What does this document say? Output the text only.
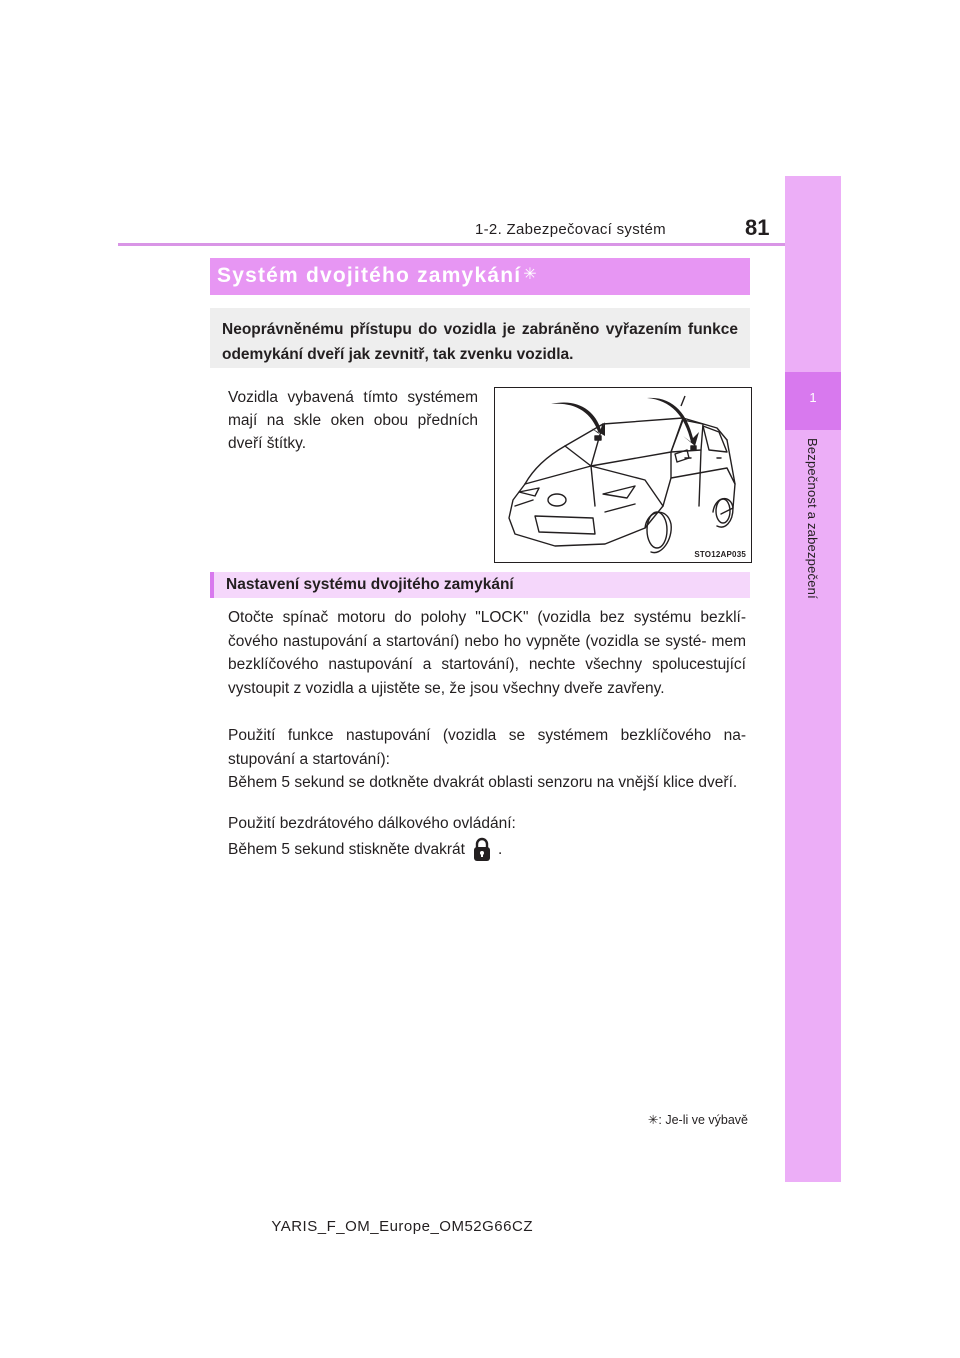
1-2. Zabezpečovací systém	81
1
Bezpečnost a zabezpečení
Systém dvojitého zamykání ✳
Neoprávněnému přístupu do vozidla je zabráněno vyřazením funkce odemykání dveří jak zevnitř, tak zvenku vozidla.
Vozidla vybavená tímto systémem mají na skle oken obou předních dveří štítky.
STO12AP035
Nastavení systému dvojitého zamykání

Otočte spínač motoru do polohy "LOCK" (vozidla bez systému bezklí- čového nastupování a startování) nebo ho vypněte (vozidla se systé- mem bezklíčového nastupování a startování), nechte všechny spolucestující vystoupit z vozidla a ujistěte se, že jsou všechny dveře zavřeny.

Použití funkce nastupování (vozidla se systémem bezklíčového na- stupování a startování):
Během 5 sekund se dotkněte dvakrát oblasti senzoru na vnější klice dveří.

Použití bezdrátového dálkového ovládání:
Během 5 sekund stiskněte dvakrát .

✳: Je-li ve výbavě
YARIS_F_OM_Europe_OM52G66CZ
